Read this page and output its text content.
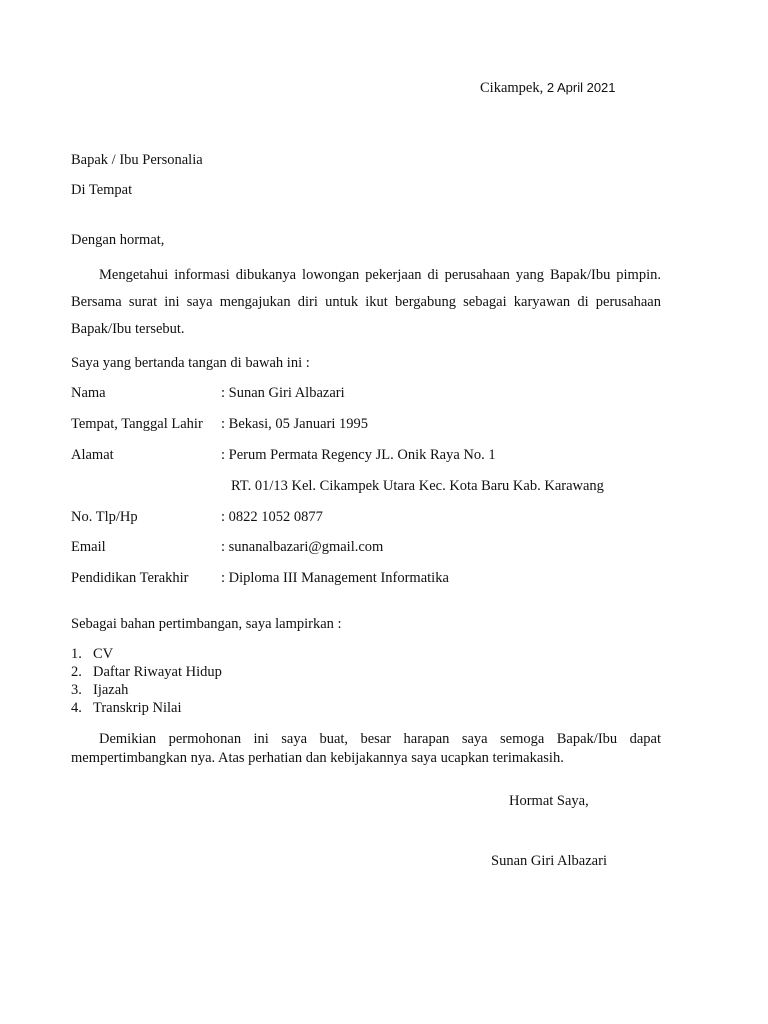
Cikampek, 2 April 2021
Bapak / Ibu Personalia
Di Tempat
Dengan hormat,
Mengetahui informasi dibukanya lowongan pekerjaan di perusahaan yang Bapak/Ibu pimpin. Bersama surat ini saya mengajukan diri untuk ikut bergabung sebagai karyawan di perusahaan Bapak/Ibu tersebut.
Saya yang bertanda tangan di bawah ini :
Nama	: Sunan Giri Albazari
Tempat, Tanggal Lahir : Bekasi, 05 Januari 1995
Alamat	: Perum Permata Regency JL. Onik Raya No. 1
RT. 01/13 Kel. Cikampek Utara Kec. Kota Baru Kab. Karawang
No. Tlp/Hp	: 0822 1052 0877
Email	: sunanalbazari@gmail.com
Pendidikan Terakhir : Diploma III Management Informatika
Sebagai bahan pertimbangan, saya lampirkan :
1. CV
2. Daftar Riwayat Hidup
3. Ijazah
4. Transkrip Nilai
Demikian permohonan ini saya buat, besar harapan saya semoga Bapak/Ibu dapat mempertimbangkan nya. Atas perhatian dan kebijakannya saya ucapkan terimakasih.
Hormat Saya,
Sunan Giri Albazari
